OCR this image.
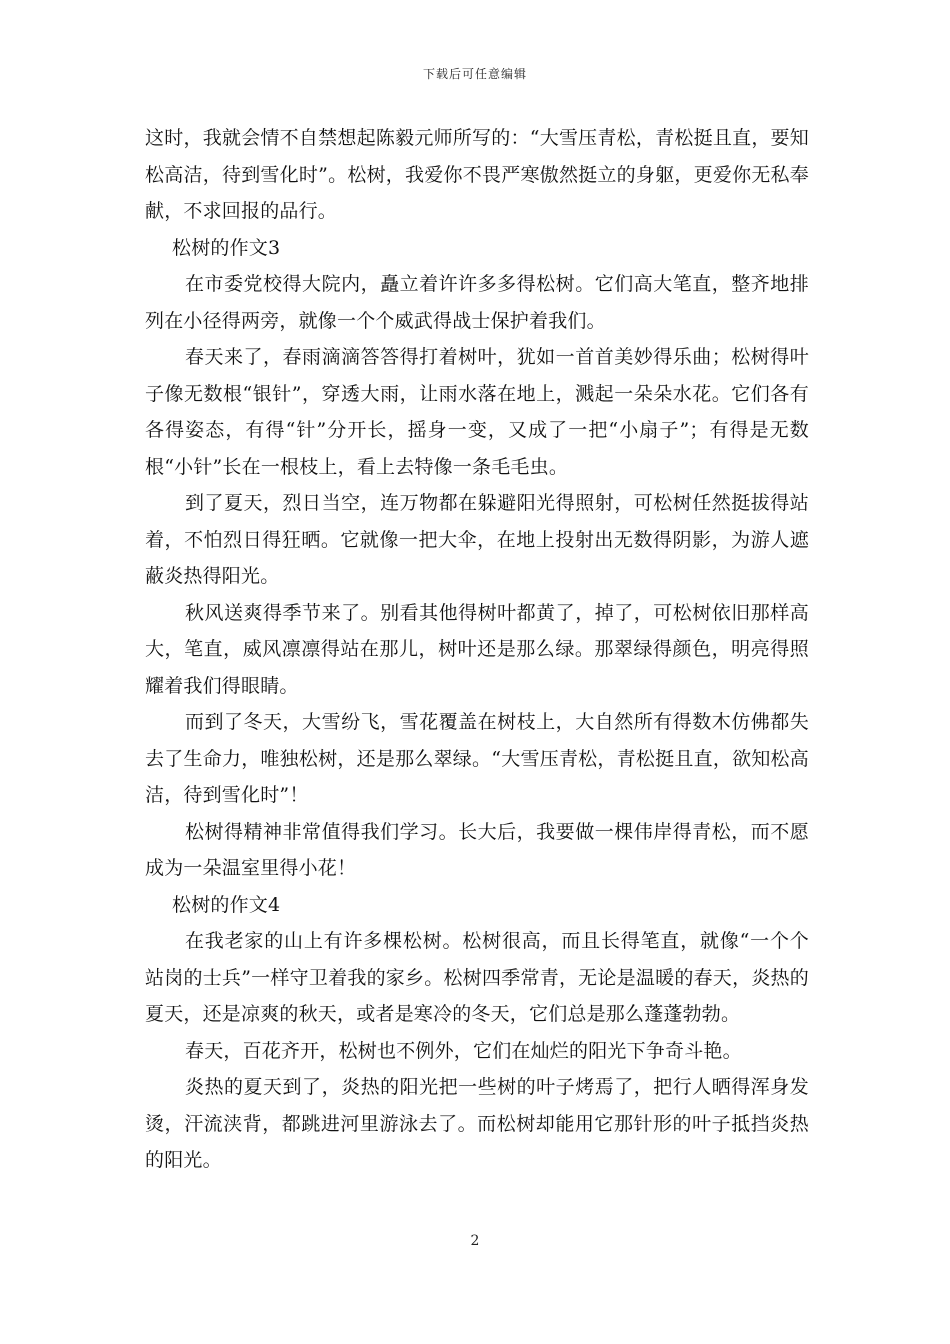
下载后可任意编辑

这时，我就会情不自禁想起陈毅元师所写的：“大雪压青松，青松挺且直，要知松高洁，待到雪化时”。松树，我爱你不畏严寒傲然挺立的身躯，更爱你无私奉献，不求回报的品行。

松树的作文3

在市委党校得大院内，矗立着许许多多得松树。它们高大笔直，整齐地排列在小径得两旁，就像一个个威武得战士保护着我们。

春天来了，春雨滴滴答答得打着树叶，犹如一首首美妙得乐曲；松树得叶子像无数根“银针”，穿透大雨，让雨水落在地上，溅起一朵朵水花。它们各有各得姿态，有得“针”分开长，摇身一变，又成了一把“小扇子”；有得是无数根“小针”长在一根枝上，看上去特像一条毛毛虫。

到了夏天，烈日当空，连万物都在躲避阳光得照射，可松树任然挺拔得站着，不怕烈日得狂晒。它就像一把大伞，在地上投射出无数得阴影，为游人遮蔽炎热得阳光。

秋风送爽得季节来了。别看其他得树叶都黄了，掉了，可松树依旧那样高大，笔直，威风凛凛得站在那儿，树叶还是那么绿。那翠绿得颜色，明亮得照耀着我们得眼睛。

而到了冬天，大雪纷飞，雪花覆盖在树枝上，大自然所有得数木仿佛都失去了生命力，唯独松树，还是那么翠绿。“大雪压青松，青松挺且直，欲知松高洁，待到雪化时”！

松树得精神非常值得我们学习。长大后，我要做一棵伟岸得青松，而不愿成为一朵温室里得小花！

松树的作文4

在我老家的山上有许多棵松树。松树很高，而且长得笔直，就像“一个个站岗的士兵”一样守卫着我的家乡。松树四季常青，无论是温暖的春天，炎热的夏天，还是凉爽的秋天，或者是寒冷的冬天，它们总是那么蓬蓬勃勃。

春天，百花齐开，松树也不例外，它们在灿烂的阳光下争奇斗艳。

炎热的夏天到了，炎热的阳光把一些树的叶子烤焉了，把行人晒得浑身发烫，汗流浃背，都跳进河里游泳去了。而松树却能用它那针形的叶子抵挡炎热的阳光。

2
